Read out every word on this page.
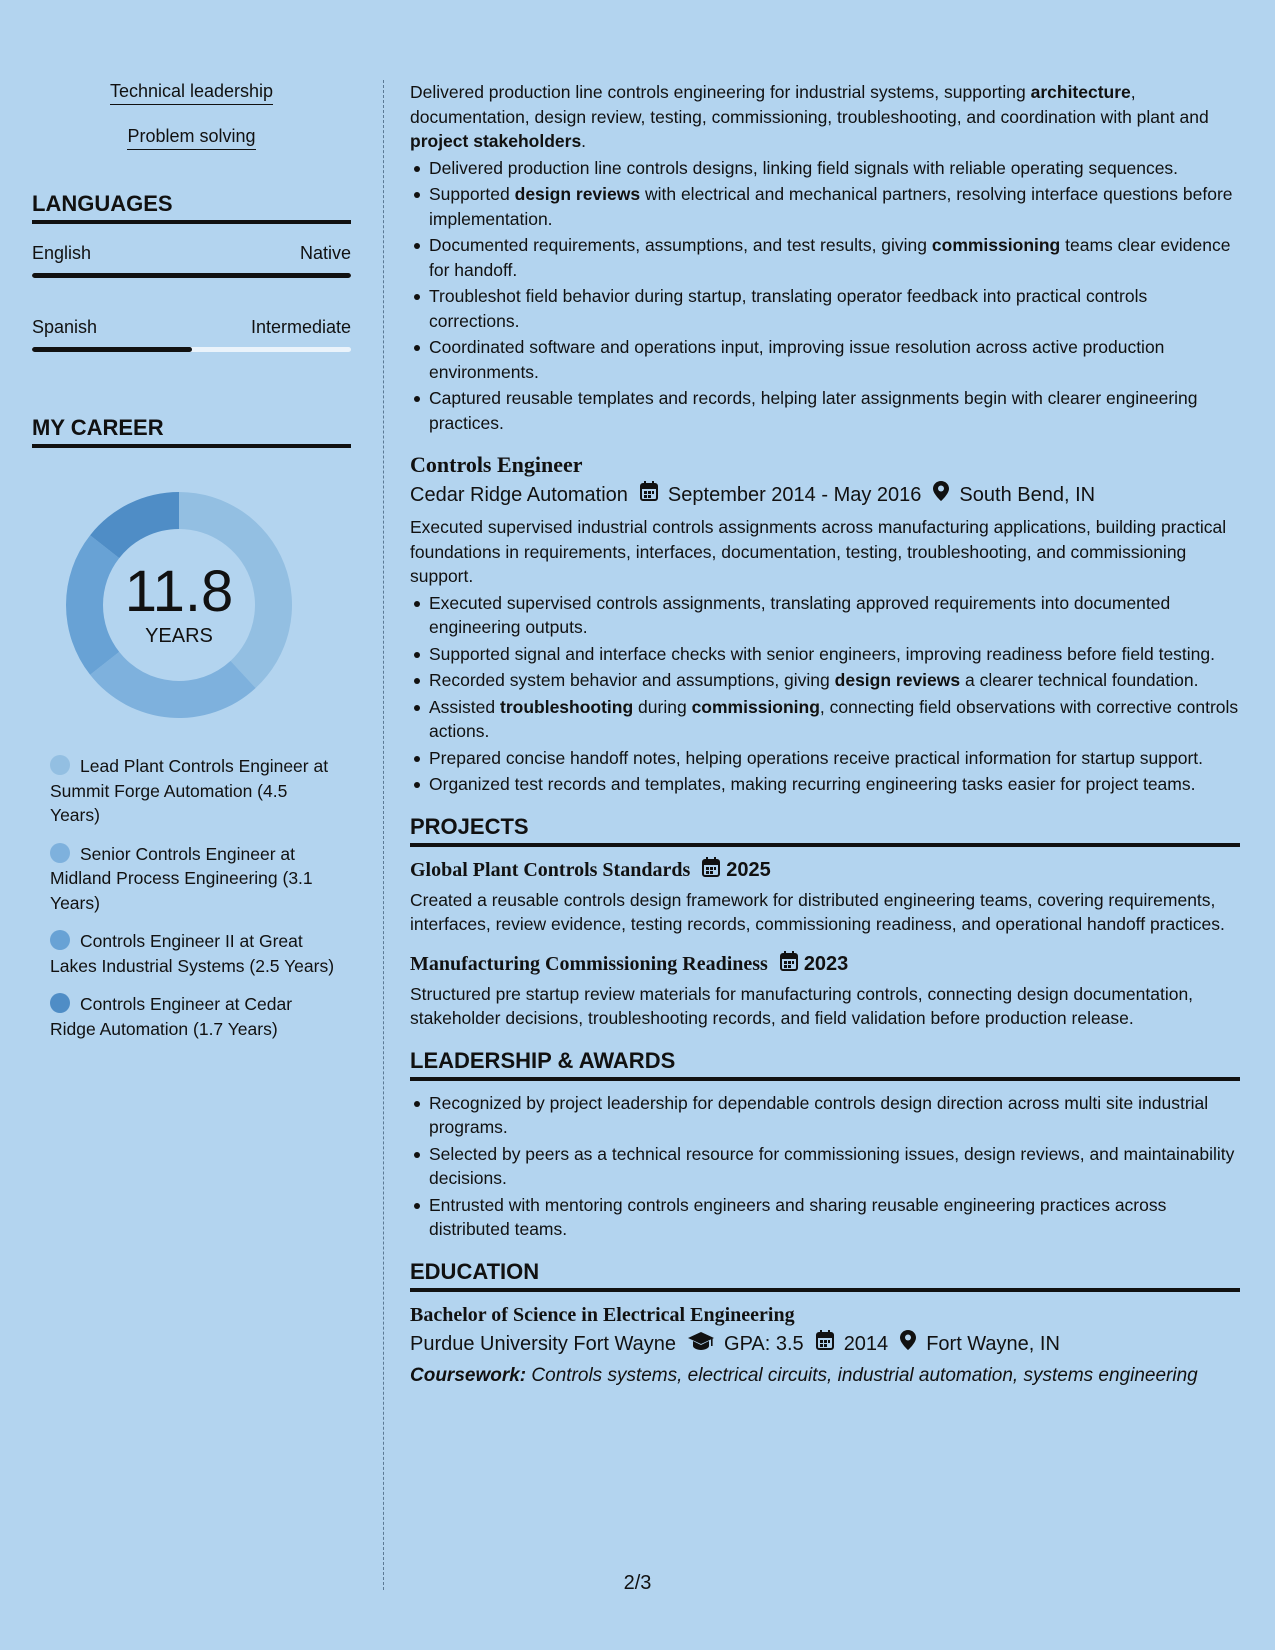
Technical leadership
Problem solving
LANGUAGES
English	Native
Spanish	Intermediate
MY CAREER
11.8
YEARS
Lead Plant Controls Engineer at Summit Forge Automation (4.5 Years)
Senior Controls Engineer at Midland Process Engineering (3.1 Years)
Controls Engineer II at Great Lakes Industrial Systems (2.5 Years)
Controls Engineer at Cedar Ridge Automation (1.7 Years)
Delivered production line controls engineering for industrial systems, supporting architecture, documentation, design review, testing, commissioning, troubleshooting, and coordination with plant and project stakeholders.
Delivered production line controls designs, linking field signals with reliable operating sequences.
Supported design reviews with electrical and mechanical partners, resolving interface questions before implementation.
Documented requirements, assumptions, and test results, giving commissioning teams clear evidence for handoff.
Troubleshot field behavior during startup, translating operator feedback into practical controls corrections.
Coordinated software and operations input, improving issue resolution across active production environments.
Captured reusable templates and records, helping later assignments begin with clearer engineering practices.
Controls Engineer
Cedar Ridge Automation September 2014 - May 2016 South Bend, IN
Executed supervised industrial controls assignments across manufacturing applications, building practical foundations in requirements, interfaces, documentation, testing, troubleshooting, and commissioning support.
Executed supervised controls assignments, translating approved requirements into documented engineering outputs.
Supported signal and interface checks with senior engineers, improving readiness before field testing.
Recorded system behavior and assumptions, giving design reviews a clearer technical foundation.
Assisted troubleshooting during commissioning, connecting field observations with corrective controls actions.
Prepared concise handoff notes, helping operations receive practical information for startup support.
Organized test records and templates, making recurring engineering tasks easier for project teams.
PROJECTS
Global Plant Controls Standards 2025
Created a reusable controls design framework for distributed engineering teams, covering requirements, interfaces, review evidence, testing records, commissioning readiness, and operational handoff practices.
Manufacturing Commissioning Readiness 2023
Structured pre startup review materials for manufacturing controls, connecting design documentation, stakeholder decisions, troubleshooting records, and field validation before production release.
LEADERSHIP & AWARDS
Recognized by project leadership for dependable controls design direction across multi site industrial programs.
Selected by peers as a technical resource for commissioning issues, design reviews, and maintainability decisions.
Entrusted with mentoring controls engineers and sharing reusable engineering practices across distributed teams.
EDUCATION
Bachelor of Science in Electrical Engineering
Purdue University Fort Wayne GPA: 3.5 2014 Fort Wayne, IN
Coursework: Controls systems, electrical circuits, industrial automation, systems engineering
2/3
